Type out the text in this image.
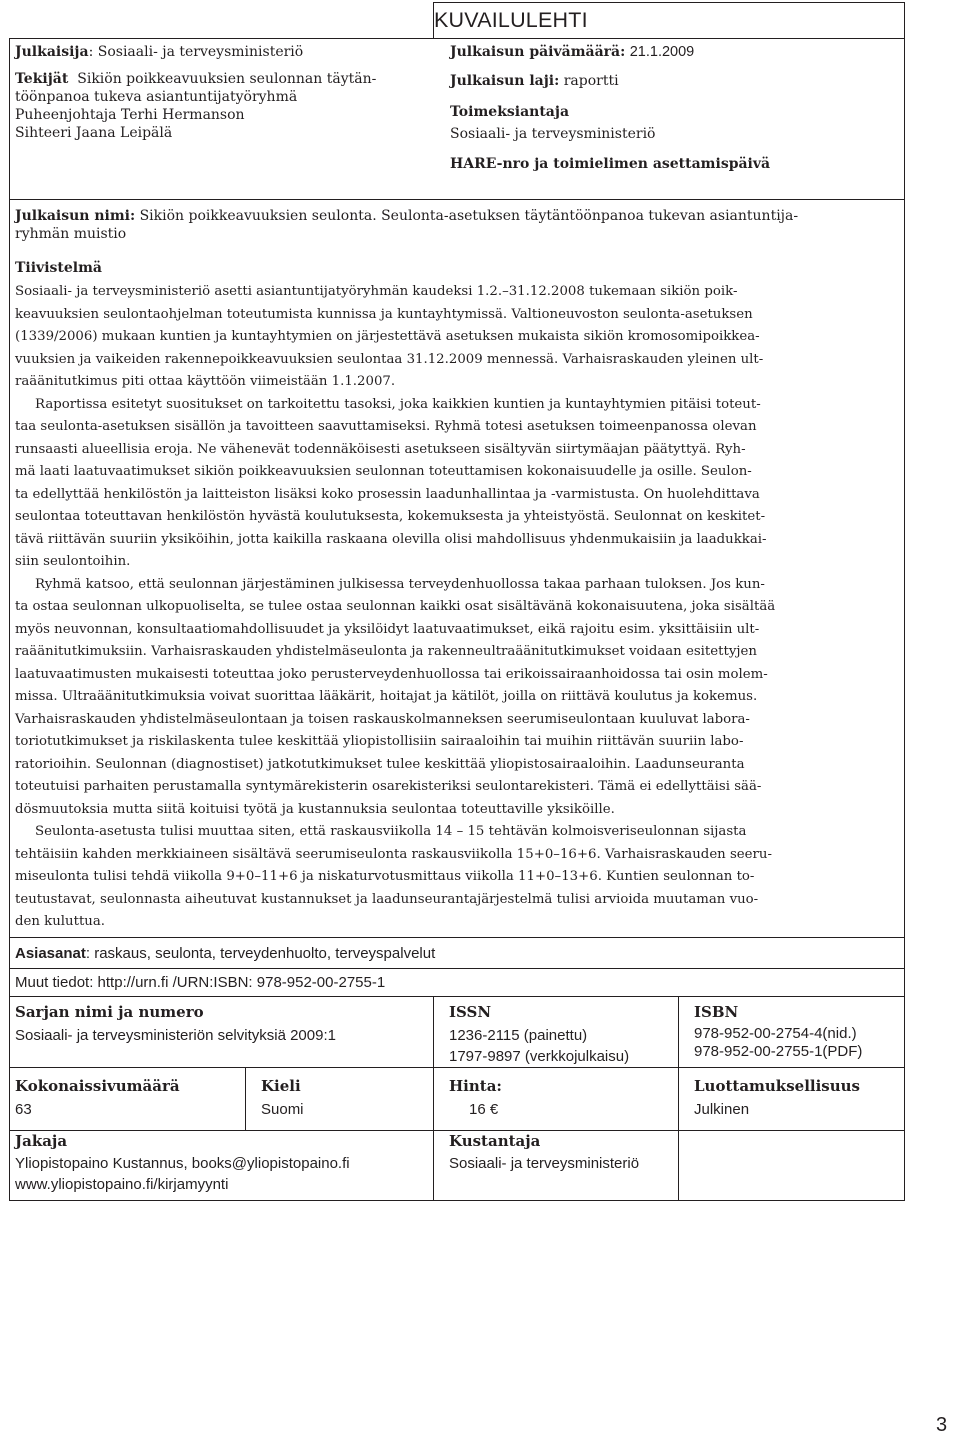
KUVAILULEHTI
Julkaisija: Sosiaali- ja terveysministeriö	Julkaisun päivämäärä: 21.1.2009
Tekijät Sikiön poikkeavuuksien seulonnan täytän-
töönpanoa tukeva asiantuntijatyöryhmä
Puheenjohtaja Terhi Hermanson
Sihteeri Jaana Leipälä
Julkaisun laji: raportti
Toimeksiantaja
Sosiaali- ja terveysministeriö
HARE-nro ja toimielimen asettamispäivä
Julkaisun nimi: Sikiön poikkeavuuksien seulonta. Seulonta-asetuksen täytäntöönpanoa tukevan asiantuntija-
ryhmän muistio
Tiivistelmä
Sosiaali- ja terveysministeriö asetti asiantuntijatyöryhmän kaudeksi 1.2.–31.12.2008 tukemaan sikiön poik-
keavuuksien seulontaohjelman toteutumista kunnissa ja kuntayhtymissä. Valtioneuvoston seulonta-asetuksen
(1339/2006) mukaan kuntien ja kuntayhtymien on järjestettävä asetuksen mukaista sikiön kromosomipoikkea-
vuuksien ja vaikeiden rakennepoikkeavuuksien seulontaa 31.12.2009 mennessä. Varhaisraskauden yleinen ult-
raäänitutkimus piti ottaa käyttöön viimeistään 1.1.2007.
Raportissa esitetyt suositukset on tarkoitettu tasoksi, joka kaikkien kuntien ja kuntayhtymien pitäisi toteut-
taa seulonta-asetuksen sisällön ja tavoitteen saavuttamiseksi. Ryhmä totesi asetuksen toimeenpanossa olevan
runsaasti alueellisia eroja. Ne vähenevät todennäköisesti asetukseen sisältyvän siirtymäajan päätyttyä. Ryh-
mä laati laatuvaatimukset sikiön poikkeavuuksien seulonnan toteuttamisen kokonaisuudelle ja osille. Seulon-
ta edellyttää henkilöstön ja laitteiston lisäksi koko prosessin laadunhallintaa ja -varmistusta. On huolehdittava
seulontaa toteuttavan henkilöstön hyvästä koulutuksesta, kokemuksesta ja yhteistyöstä. Seulonnat on keskitet-
tävä riittävän suuriin yksiköihin, jotta kaikilla raskaana olevilla olisi mahdollisuus yhdenmukaisiin ja laadukkai-
siin seulontoihin.
Ryhmä katsoo, että seulonnan järjestäminen julkisessa terveydenhuollossa takaa parhaan tuloksen. Jos kun-
ta ostaa seulonnan ulkopuoliselta, se tulee ostaa seulonnan kaikki osat sisältävänä kokonaisuutena, joka sisältää
myös neuvonnan, konsultaatiomahdollisuudet ja yksilöidyt laatuvaatimukset, eikä rajoitu esim. yksittäisiin ult-
raäänitutkimuksiin. Varhaisraskauden yhdistelmäseulonta ja rakenneultraäänitutkimukset voidaan esitettyjen
laatuvaatimusten mukaisesti toteuttaa joko perusterveydenhuollossa tai erikoissairaanhoidossa tai osin molem-
missa. Ultraäänitutkimuksia voivat suorittaa lääkärit, hoitajat ja kätilöt, joilla on riittävä koulutus ja kokemus.
Varhaisraskauden yhdistelmäseulontaan ja toisen raskauskolmanneksen seerumiseulontaan kuuluvat labora-
toriotutkimukset ja riskilaskenta tulee keskittää yliopistollisiin sairaaloihin tai muihin riittävän suuriin labo-
ratorioihin. Seulonnan (diagnostiset) jatkotutkimukset tulee keskittää yliopistosairaaloihin. Laadunseuranta
toteutuisi parhaiten perustamalla syntymärekisterin osarekisteriksi seulontarekisteri. Tämä ei edellyttäisi sää-
dösmuutoksia mutta siitä koituisi työtä ja kustannuksia seulontaa toteuttaville yksiköille.
Seulonta-asetusta tulisi muuttaa siten, että raskausviikolla 14 – 15 tehtävän kolmoisveriseulonnan sijasta
tehtäisiin kahden merkkiaineen sisältävä seerumiseulonta raskausviikolla 15+0–16+6. Varhaisraskauden seeru-
miseulonta tulisi tehdä viikolla 9+0–11+6 ja niskaturvotusmittaus viikolla 11+0–13+6. Kuntien seulonnan to-
teutustavat, seulonnasta aiheutuvat kustannukset ja laadunseurantajärjestelmä tulisi arvioida muutaman vuo-
den kuluttua.
Asiasanat: raskaus, seulonta, terveydenhuolto, terveyspalvelut
Muut tiedot: http://urn.fi /URN:ISBN: 978-952-00-2755-1
Sarjan nimi ja numero
Sosiaali- ja terveysministeriön selvityksiä 2009:1
ISSN
1236-2115 (painettu)
1797-9897 (verkkojulkaisu)
ISBN
978-952-00-2754-4(nid.)
978-952-00-2755-1(PDF)
Kokonaissivumäärä
63
Kieli
Suomi
Hinta:
16 €
Luottamuksellisuus
Julkinen
Jakaja
Yliopistopaino Kustannus, books@yliopistopaino.fi
www.yliopistopaino.fi/kirjamyynti
Kustantaja
Sosiaali- ja terveysministeriö
3
